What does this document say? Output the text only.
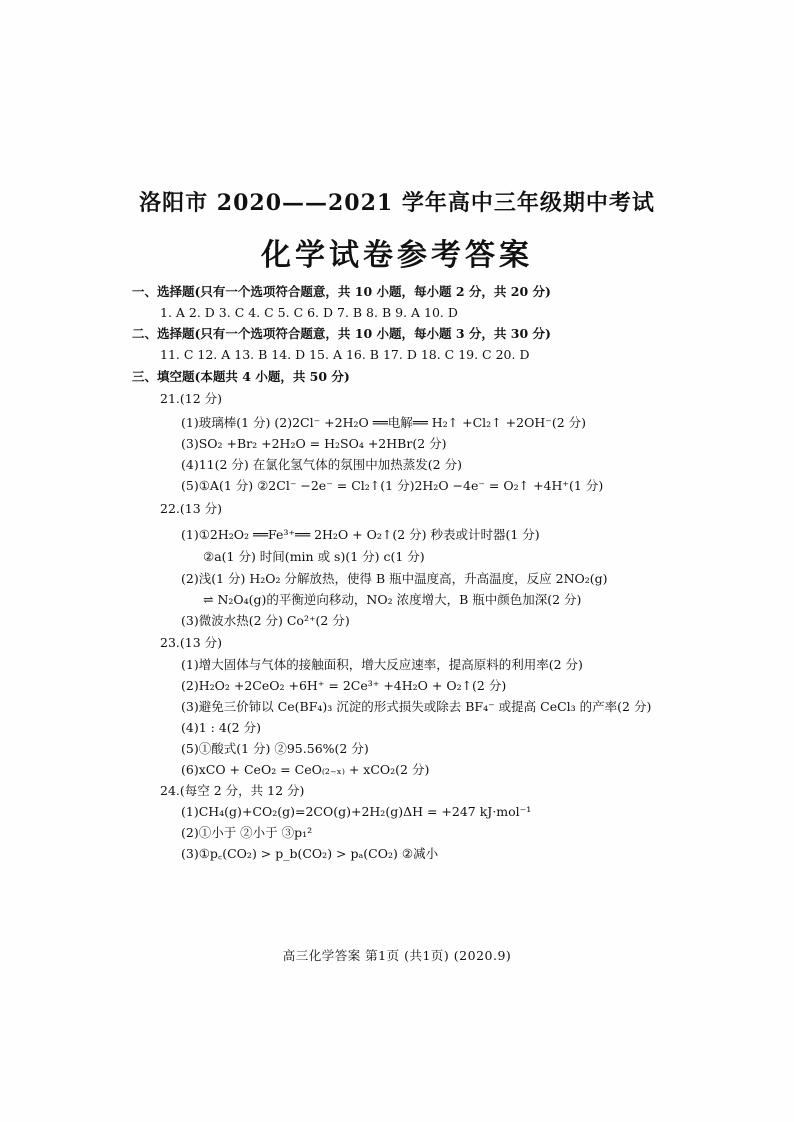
洛阳市 2020——2021 学年高中三年级期中考试
化学试卷参考答案
一、选择题(只有一个选项符合题意，共 10 小题，每小题 2 分，共 20 分)
1. A 2. D 3. C 4. C 5. C 6. D 7. B 8. B 9. A 10. D
二、选择题(只有一个选项符合题意，共 10 小题，每小题 3 分，共 30 分)
11. C 12. A 13. B 14. D 15. A 16. B 17. D 18. C 19. C 20. D
三、填空题(本题共 4 小题，共 50 分)
21.(12 分)
(1)玻璃棒(1 分) (2)2Cl⁻ +2H₂O ══电解══ H₂↑ +Cl₂↑ +2OH⁻(2 分)
(3)SO₂ +Br₂ +2H₂O = H₂SO₄ +2HBr(2 分)
(4)11(2 分) 在氯化氢气体的氛围中加热蒸发(2 分)
(5)①A(1 分) ②2Cl⁻ −2e⁻ = Cl₂↑(1 分)2H₂O −4e⁻ = O₂↑ +4H⁺(1 分)
22.(13 分)
(1)①2H₂O₂ ══Fe³⁺══ 2H₂O + O₂↑(2 分) 秒表或计时器(1 分)
②a(1 分) 时间(min 或 s)(1 分) c(1 分)
(2)浅(1 分) H₂O₂ 分解放热，使得 B 瓶中温度高，升高温度，反应 2NO₂(g)
⇌ N₂O₄(g)的平衡逆向移动，NO₂ 浓度增大，B 瓶中颜色加深(2 分)
(3)微波水热(2 分) Co²⁺(2 分)
23.(13 分)
(1)增大固体与气体的接触面积，增大反应速率，提高原料的利用率(2 分)
(2)H₂O₂ +2CeO₂ +6H⁺ = 2Ce³⁺ +4H₂O + O₂↑(2 分)
(3)避免三价铈以 Ce(BF₄)₃ 沉淀的形式损失或除去 BF₄⁻ 或提高 CeCl₃ 的产率(2 分)
(4)1 : 4(2 分)
(5)①酸式(1 分) ②95.56%(2 分)
(6)xCO + CeO₂ = CeO₍₂₋ₓ₎ + xCO₂(2 分)
24.(每空 2 分，共 12 分)
(1)CH₄(g)+CO₂(g)=2CO(g)+2H₂(g)ΔH = +247 kJ·mol⁻¹
(2)①小于 ②小于 ③p₁²
(3)①p꜀(CO₂) > p_b(CO₂) > pₐ(CO₂) ②减小
高三化学答案 第1页 (共1页) (2020.9)
